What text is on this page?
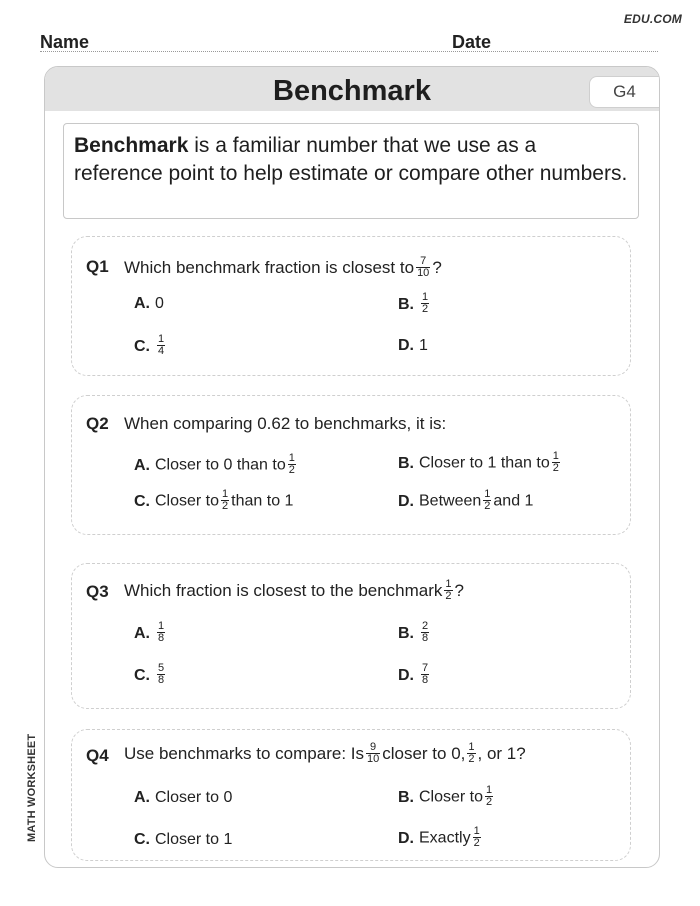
EDU.COM
Name	Date
MATH WORKSHEET
Benchmark	G4
Benchmark is a familiar number that we use as a reference point to help estimate or compare other numbers.
Q1 Which benchmark fraction is closest to $\frac{7}{10}$ ?
A. 0	B. $\frac{1}{2}$
C. $\frac{1}{4}$	D. 1
Q2 When comparing 0.62 to benchmarks, it is:
A. Closer to 0 than to $\frac{1}{2}$	B. Closer to 1 than to $\frac{1}{2}$
C. Closer to $\frac{1}{2}$ than to 1	D. Between $\frac{1}{2}$ and 1
Q3 Which fraction is closest to the benchmark $\frac{1}{2}$ ?
A. $\frac{1}{8}$	B. $\frac{2}{8}$
C. $\frac{5}{8}$	D. $\frac{7}{8}$
Q4 Use benchmarks to compare: Is $\frac{9}{10}$ closer to 0, $\frac{1}{2}$ , or 1?
A. Closer to 0	B. Closer to $\frac{1}{2}$
C. Closer to 1	D. Exactly $\frac{1}{2}$
